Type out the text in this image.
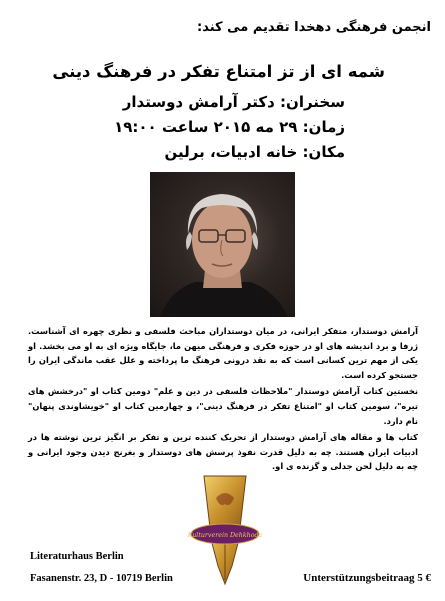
انجمن فرهنگی دهخدا تقدیم می کند:
شمه ای از تز امتناع تفکر در فرهنگ دینی
سخنران: دکتر آرامش دوستدار
زمان: ۲۹ مه ۲۰۱۵ ساعت ۱۹:۰۰
مکان: خانه ادبیات، برلین

آرامش دوستدار، متفکر ایرانی، در میان دوستداران مباحث فلسفی و نظری چهره ای آشناست. ژرفا و برد اندیشه های او در حوزه فکری و فرهنگی میهن ما، جایگاه ویژه ای به او می بخشد. او یکی از مهم ترین کسانی است که به نقد درونی فرهنگ ما پرداخته و علل عقب ماندگی ایران را جستجو کرده است.

نخستین کتاب آرامش دوستدار "ملاحظات فلسفی در دین و علم" دومین کتاب او "درخشش های تیره"، سومین کتاب او "امتناع تفکر در فرهنگ دینی"، و چهارمین کتاب او "خویشاوندی پنهان" نام دارد.

کتاب ها و مقاله های آرامش دوستدار از تحریک کننده ترین و تفکر بر انگیز ترین نوشته ها در ادبیات ایران هستند. چه به دلیل قدرت نفوذ پرسش های دوستدار و بغرنج دیدن وجود ایرانی و چه به دلیل لحن جدلی و گزنده ی او.

Kulturverein Dehkhoda
Literaturhaus Berlin
Fasanenstr. 23, D - 10719 Berlin	Unterstützungsbeitraag 5 €
